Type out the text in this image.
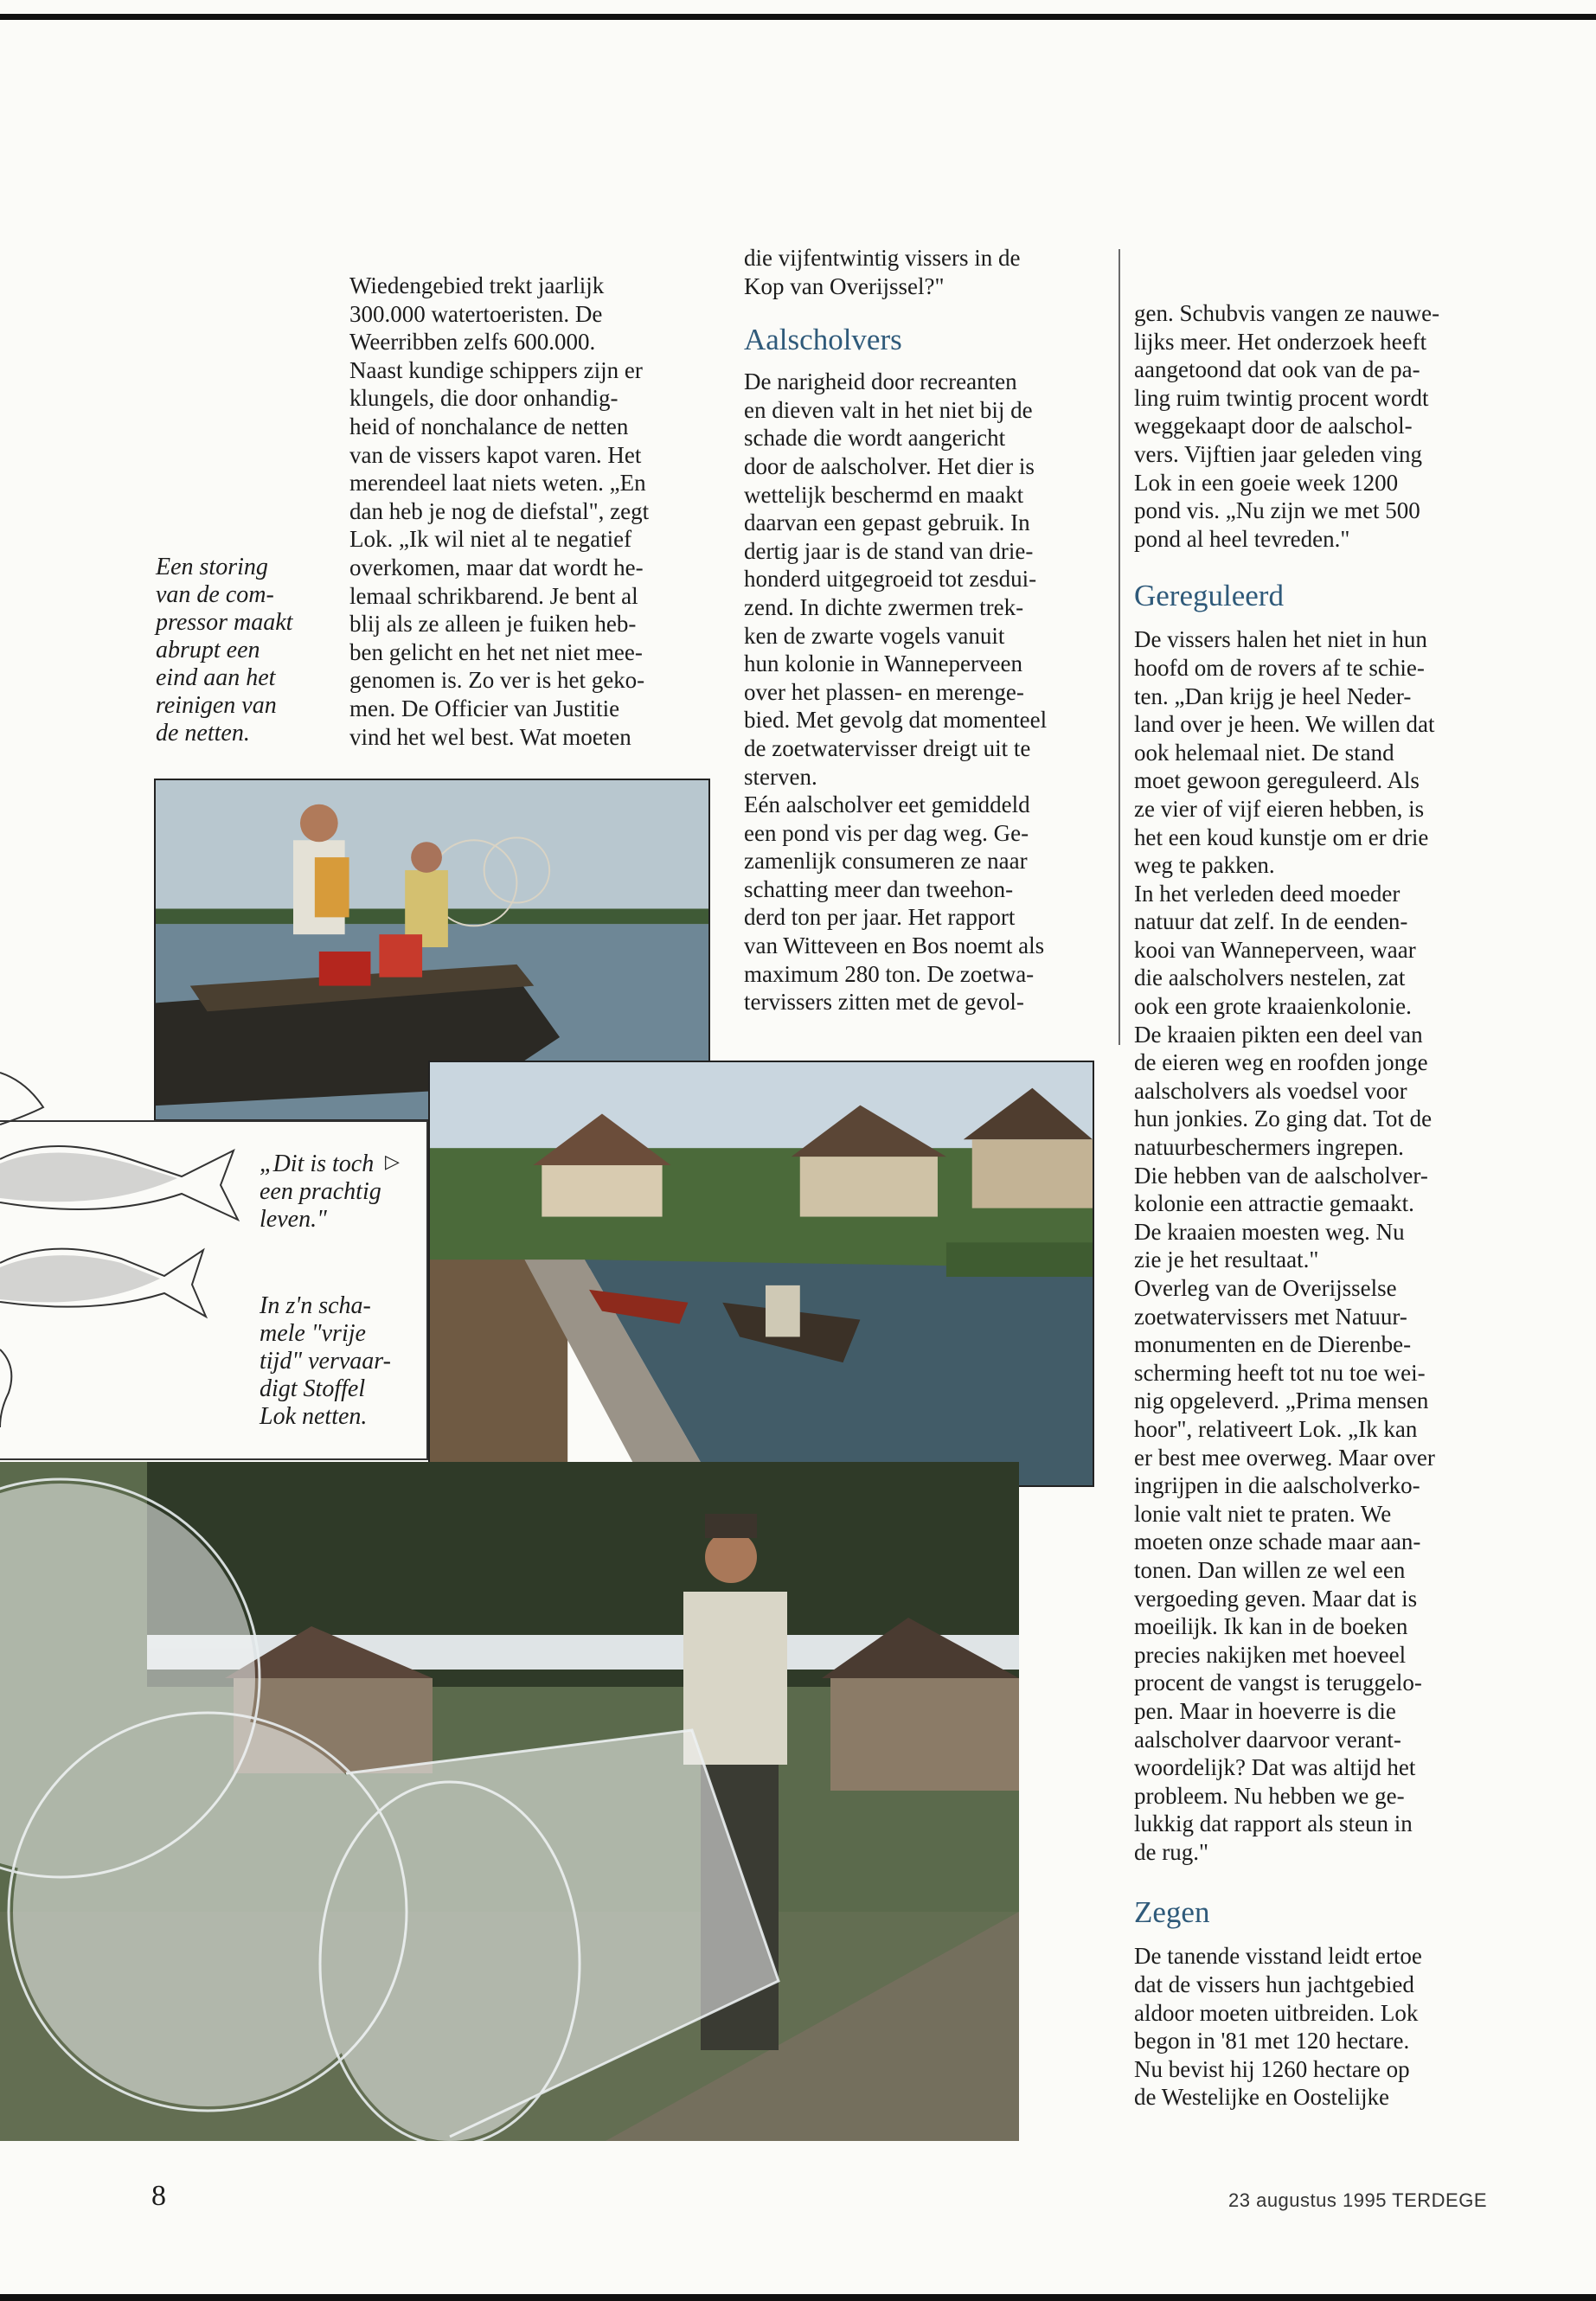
Een storing
van de com-
pressor maakt
abrupt een
eind aan het
reinigen van
de netten.

Wiedengebied trekt jaarlijk
300.000 watertoeristen. De
Weerribben zelfs 600.000.
Naast kundige schippers zijn er
klungels, die door onhandig-
heid of nonchalance de netten
van de vissers kapot varen. Het
merendeel laat niets weten. „En
dan heb je nog de diefstal", zegt
Lok. „Ik wil niet al te negatief
overkomen, maar dat wordt he-
lemaal schrikbarend. Je bent al
blij als ze alleen je fuiken heb-
ben gelicht en het net niet mee-
genomen is. Zo ver is het geko-
men. De Officier van Justitie
vind het wel best. Wat moeten

die vijfentwintig vissers in de
Kop van Overijssel?"

Aalscholvers

De narigheid door recreanten
en dieven valt in het niet bij de
schade die wordt aangericht
door de aalscholver. Het dier is
wettelijk beschermd en maakt
daarvan een gepast gebruik. In
dertig jaar is de stand van drie-
honderd uitgegroeid tot zesdui-
zend. In dichte zwermen trek-
ken de zwarte vogels vanuit
hun kolonie in Wanneperveen
over het plassen- en merenge-
bied. Met gevolg dat momenteel
de zoetwatervisser dreigt uit te
sterven.

Eén aalscholver eet gemiddeld
een pond vis per dag weg. Ge-
zamenlijk consumeren ze naar
schatting meer dan tweehon-
derd ton per jaar. Het rapport
van Witteveen en Bos noemt als
maximum 280 ton. De zoetwa-
tervissers zitten met de gevol-

gen. Schubvis vangen ze nauwe-
lijks meer. Het onderzoek heeft
aangetoond dat ook van de pa-
ling ruim twintig procent wordt
weggekaapt door de aalschol-
vers. Vijftien jaar geleden ving
Lok in een goeie week 1200
pond vis. „Nu zijn we met 500
pond al heel tevreden."

Gereguleerd

De vissers halen het niet in hun
hoofd om de rovers af te schie-
ten. „Dan krijg je heel Neder-
land over je heen. We willen dat
ook helemaal niet. De stand
moet gewoon gereguleerd. Als
ze vier of vijf eieren hebben, is
het een koud kunstje om er drie
weg te pakken.

In het verleden deed moeder
natuur dat zelf. In de eenden-
kooi van Wanneperveen, waar
die aalscholvers nestelen, zat
ook een grote kraaienkolonie.
De kraaien pikten een deel van
de eieren weg en roofden jonge
aalscholvers als voedsel voor
hun jonkies. Zo ging dat. Tot de
natuurbeschermers ingrepen.
Die hebben van de aalscholver-
kolonie een attractie gemaakt.
De kraaien moesten weg. Nu
zie je het resultaat."

Overleg van de Overijsselse
zoetwatervissers met Natuur-
monumenten en de Dierenbe-
scherming heeft tot nu toe wei-
nig opgeleverd. „Prima mensen
hoor", relativeert Lok. „Ik kan
er best mee overweg. Maar over
ingrijpen in die aalscholverko-
lonie valt niet te praten. We
moeten onze schade maar aan-
tonen. Dan willen ze wel een
vergoeding geven. Maar dat is
moeilijk. Ik kan in de boeken
precies nakijken met hoeveel
procent de vangst is teruggelo-
pen. Maar in hoeverre is die
aalscholver daarvoor verant-
woordelijk? Dat was altijd het
probleem. Nu hebben we ge-
lukkig dat rapport als steun in
de rug."

Zegen

De tanende visstand leidt ertoe
dat de vissers hun jachtgebied
aldoor moeten uitbreiden. Lok
begon in '81 met 120 hectare.
Nu bevist hij 1260 hectare op
de Westelijke en Oostelijke

„Dit is toch
een prachtig
leven."
▷
In z'n scha-
mele "vrije
tijd" vervaar-
digt Stoffel
Lok netten.
8	23 augustus 1995 TERDEGE
